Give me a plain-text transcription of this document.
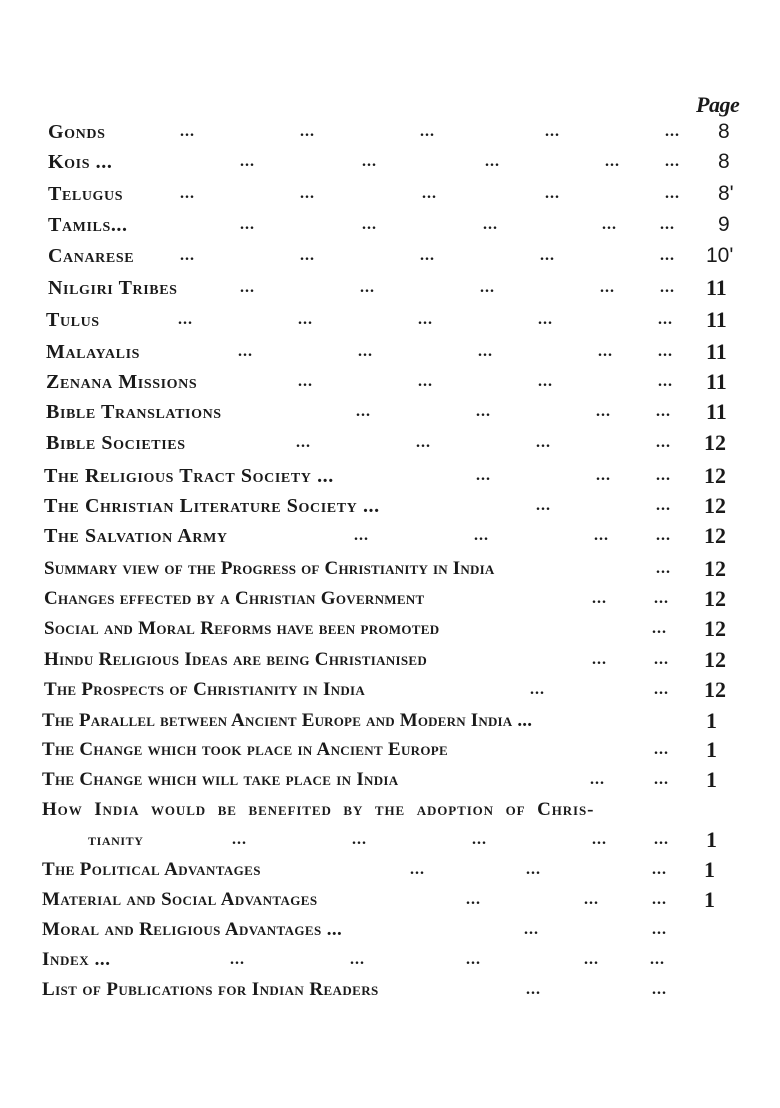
Page
Gonds	...	...	...	...	... 8
Kois ...	...	...	...	...	... 8
Telugus	...	...	...	...	... 8'
Tamils...	...	...	...	...	... 9
Canarese	...	...	...	...	... 10'
Nilgiri Tribes	...	...	...	...	... 11
Tulus	...	...	...	...	... 11
Malayalis	...	...	...	...	... 11
Zenana Missions	...	...	...	... 11
Bible Translations	...	...	...	... 11
Bible Societies	...	...	...	... 12
The Religious Tract Society ...	...	...	... 12
The Christian Literature Society ...	...	... 12
The Salvation Army	...	...	...	... 12
Summary view of the Progress of Christianity in India	... 12
Changes effected by a Christian Government	...	... 12
Social and Moral Reforms have been promoted	... 12
Hindu Religious Ideas are being Christianised	...	... 12
The Prospects of Christianity in India	...	... 12
The Parallel between Ancient Europe and Modern India ...	1
The Change which took place in Ancient Europe	... 1
The Change which will take place in India	...	... 1
How India would be benefited by the adoption of Chris-
tianity	...	...	...	...	... 1
The Political Advantages	...	...	... 1
Material and Social Advantages	...	...	... 1
Moral and Religious Advantages ...	...	...
Index ...	...	...	...	...	...
List of Publications for Indian Readers	...	...
